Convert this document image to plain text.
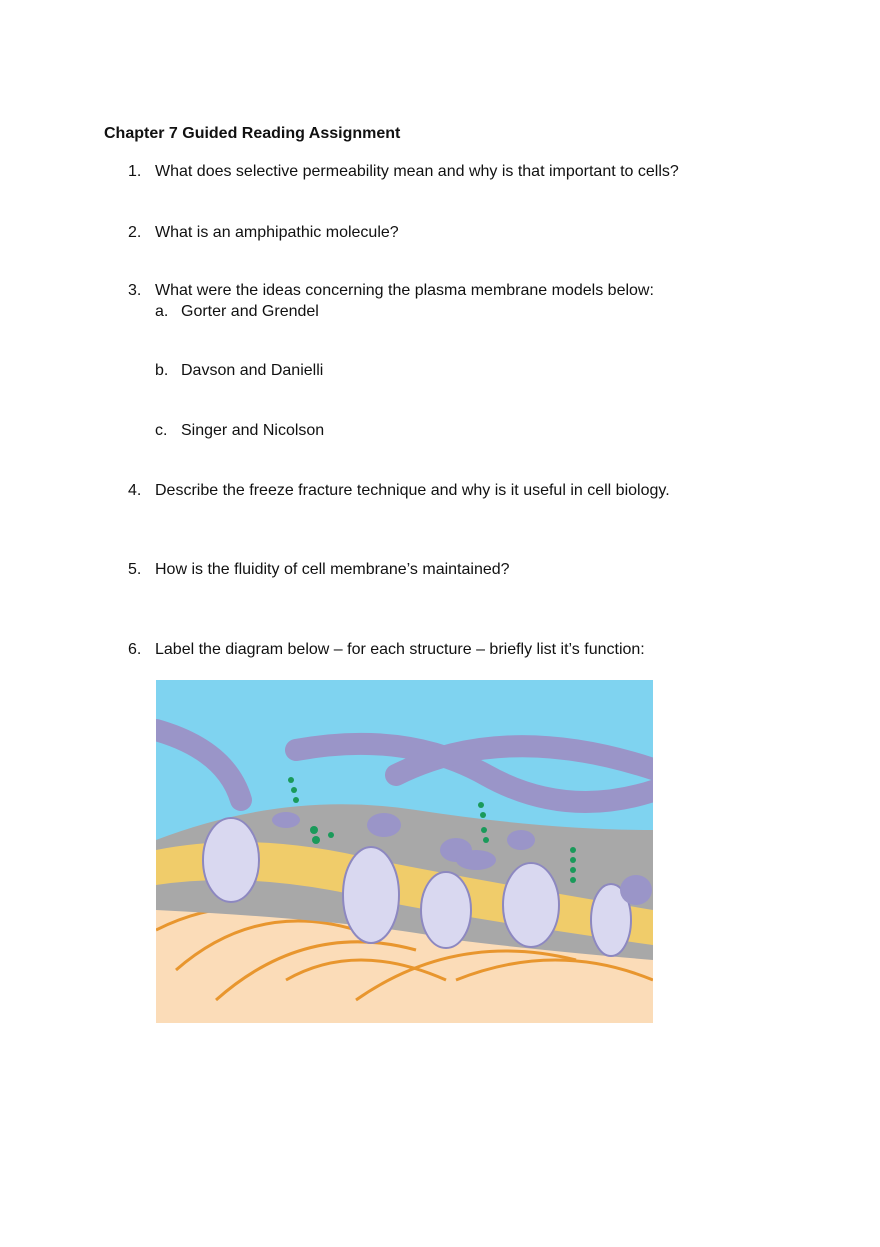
Chapter 7 Guided Reading Assignment
1. What does selective permeability mean and why is that important to cells?
2. What is an amphipathic molecule?
3. What were the ideas concerning the plasma membrane models below:
a. Gorter and Grendel
b. Davson and Danielli
c. Singer and Nicolson
4. Describe the freeze fracture technique and why is it useful in cell biology.
5. How is the fluidity of cell membrane’s maintained?
6. Label the diagram below – for each structure – briefly list it’s function:
